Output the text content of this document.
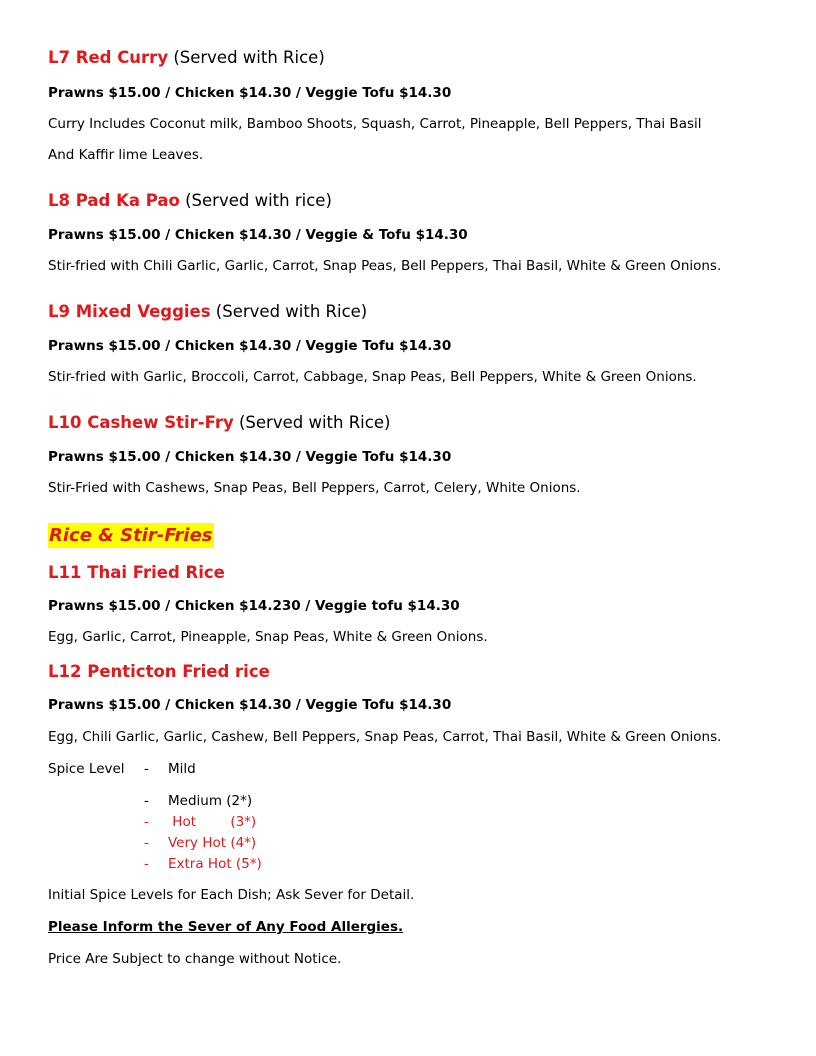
L7 Red Curry (Served with Rice)
Prawns $15.00 / Chicken $14.30 / Veggie Tofu $14.30
Curry Includes Coconut milk, Bamboo Shoots, Squash, Carrot, Pineapple, Bell Peppers, Thai Basil
And Kaffir lime Leaves.
L8 Pad Ka Pao (Served with rice)
Prawns $15.00 / Chicken $14.30 / Veggie & Tofu $14.30
Stir-fried with Chili Garlic, Garlic, Carrot, Snap Peas, Bell Peppers, Thai Basil, White & Green Onions.
L9 Mixed Veggies (Served with Rice)
Prawns $15.00 / Chicken $14.30 / Veggie Tofu $14.30
Stir-fried with Garlic, Broccoli, Carrot, Cabbage, Snap Peas, Bell Peppers, White & Green Onions.
L10 Cashew Stir-Fry (Served with Rice)
Prawns $15.00 / Chicken $14.30 / Veggie Tofu $14.30
Stir-Fried with Cashews, Snap Peas, Bell Peppers, Carrot, Celery, White Onions.
Rice & Stir-Fries
L11 Thai Fried Rice
Prawns $15.00 / Chicken $14.230 / Veggie tofu $14.30
Egg, Garlic, Carrot, Pineapple, Snap Peas, White & Green Onions.
L12 Penticton Fried rice
Prawns $15.00 / Chicken $14.30 / Veggie Tofu $14.30
Egg, Chili Garlic, Garlic, Cashew, Bell Peppers, Snap Peas, Carrot, Thai Basil, White & Green Onions.
Spice Level - Mild
- Medium (2*)
- Hot        (3*)
- Very Hot (4*)
- Extra Hot (5*)
Initial Spice Levels for Each Dish; Ask Sever for Detail.
Please Inform the Sever of Any Food Allergies.
Price Are Subject to change without Notice.
